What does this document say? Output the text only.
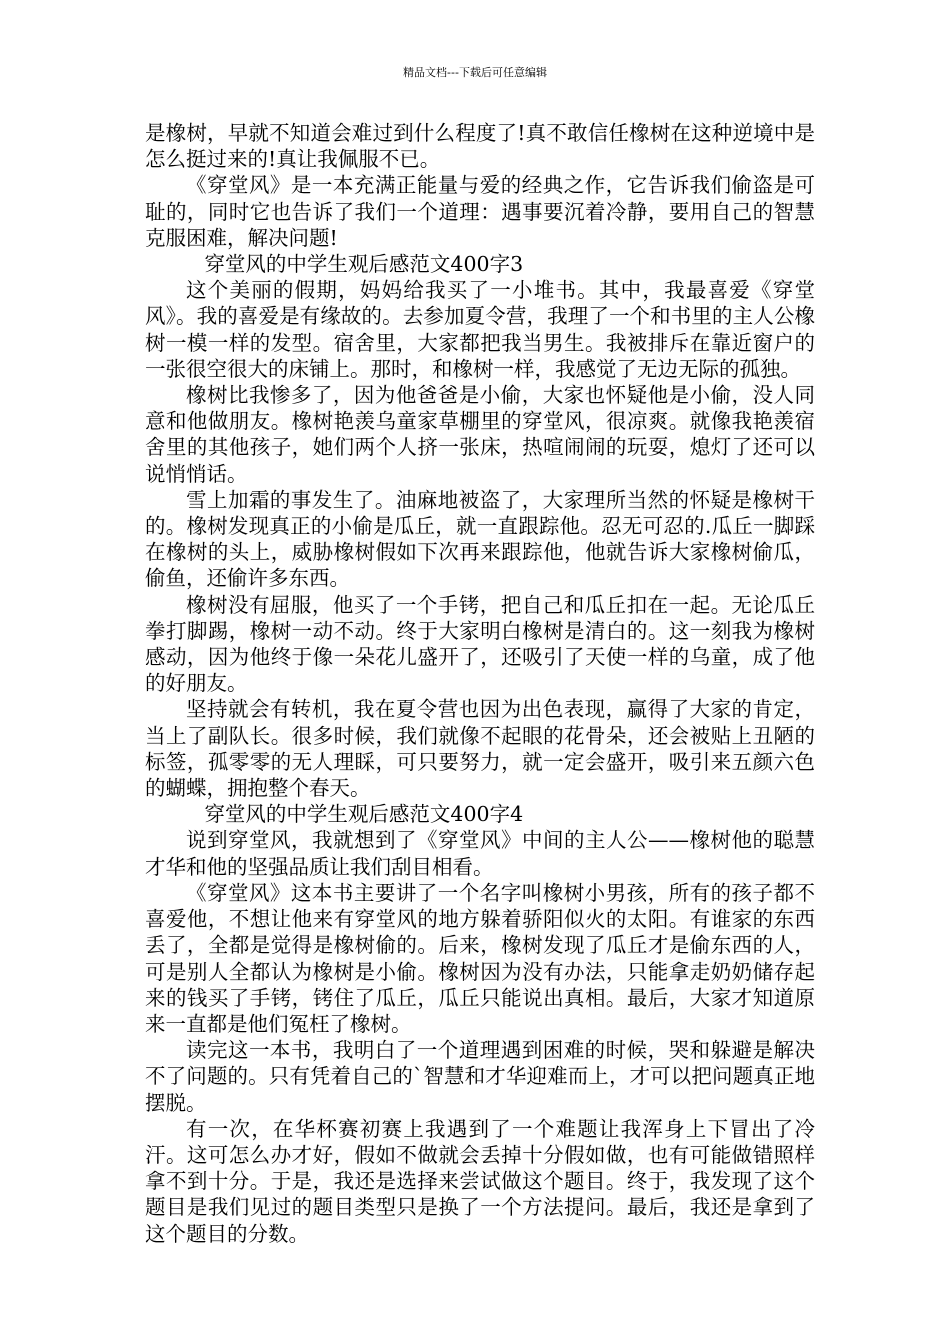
精品文档---下载后可任意编辑

是橡树，早就不知道会难过到什么程度了!真不敢信任橡树在这种逆境中是怎么挺过来的!真让我佩服不已。

《穿堂风》是一本充满正能量与爱的经典之作，它告诉我们偷盗是可耻的，同时它也告诉了我们一个道理：遇事要沉着冷静，要用自己的智慧克服困难，解决问题!

穿堂风的中学生观后感范文400字3

这个美丽的假期，妈妈给我买了一小堆书。其中，我最喜爱《穿堂风》。我的喜爱是有缘故的。去参加夏令营，我理了一个和书里的主人公橡树一模一样的发型。宿舍里，大家都把我当男生。我被排斥在靠近窗户的一张很空很大的床铺上。那时，和橡树一样，我感觉了无边无际的孤独。

橡树比我惨多了，因为他爸爸是小偷，大家也怀疑他是小偷，没人同意和他做朋友。橡树艳羡乌童家草棚里的穿堂风，很凉爽。就像我艳羡宿舍里的其他孩子，她们两个人挤一张床，热喧闹闹的玩耍，熄灯了还可以说悄悄话。

雪上加霜的事发生了。油麻地被盗了，大家理所当然的怀疑是橡树干的。橡树发现真正的小偷是瓜丘，就一直跟踪他。忍无可忍的.瓜丘一脚踩在橡树的头上，威胁橡树假如下次再来跟踪他，他就告诉大家橡树偷瓜，偷鱼，还偷许多东西。

橡树没有屈服，他买了一个手铐，把自己和瓜丘扣在一起。无论瓜丘拳打脚踢，橡树一动不动。终于大家明白橡树是清白的。这一刻我为橡树感动，因为他终于像一朵花儿盛开了，还吸引了天使一样的乌童，成了他的好朋友。

坚持就会有转机，我在夏令营也因为出色表现，赢得了大家的肯定，当上了副队长。很多时候，我们就像不起眼的花骨朵，还会被贴上丑陋的标签，孤零零的无人理睬，可只要努力，就一定会盛开，吸引来五颜六色的蝴蝶，拥抱整个春天。

穿堂风的中学生观后感范文400字4

说到穿堂风，我就想到了《穿堂风》中间的主人公——橡树他的聪慧才华和他的坚强品质让我们刮目相看。

《穿堂风》这本书主要讲了一个名字叫橡树小男孩，所有的孩子都不喜爱他，不想让他来有穿堂风的地方躲着骄阳似火的太阳。有谁家的东西丢了，全都是觉得是橡树偷的。后来，橡树发现了瓜丘才是偷东西的人，可是别人全都认为橡树是小偷。橡树因为没有办法，只能拿走奶奶储存起来的钱买了手铐，铐住了瓜丘，瓜丘只能说出真相。最后，大家才知道原来一直都是他们冤枉了橡树。

读完这一本书，我明白了一个道理遇到困难的时候，哭和躲避是解决不了问题的。只有凭着自己的`智慧和才华迎难而上，才可以把问题真正地摆脱。

有一次，在华杯赛初赛上我遇到了一个难题让我浑身上下冒出了冷汗。这可怎么办才好，假如不做就会丢掉十分假如做，也有可能做错照样拿不到十分。于是，我还是选择来尝试做这个题目。终于，我发现了这个题目是我们见过的题目类型只是换了一个方法提问。最后，我还是拿到了这个题目的分数。
